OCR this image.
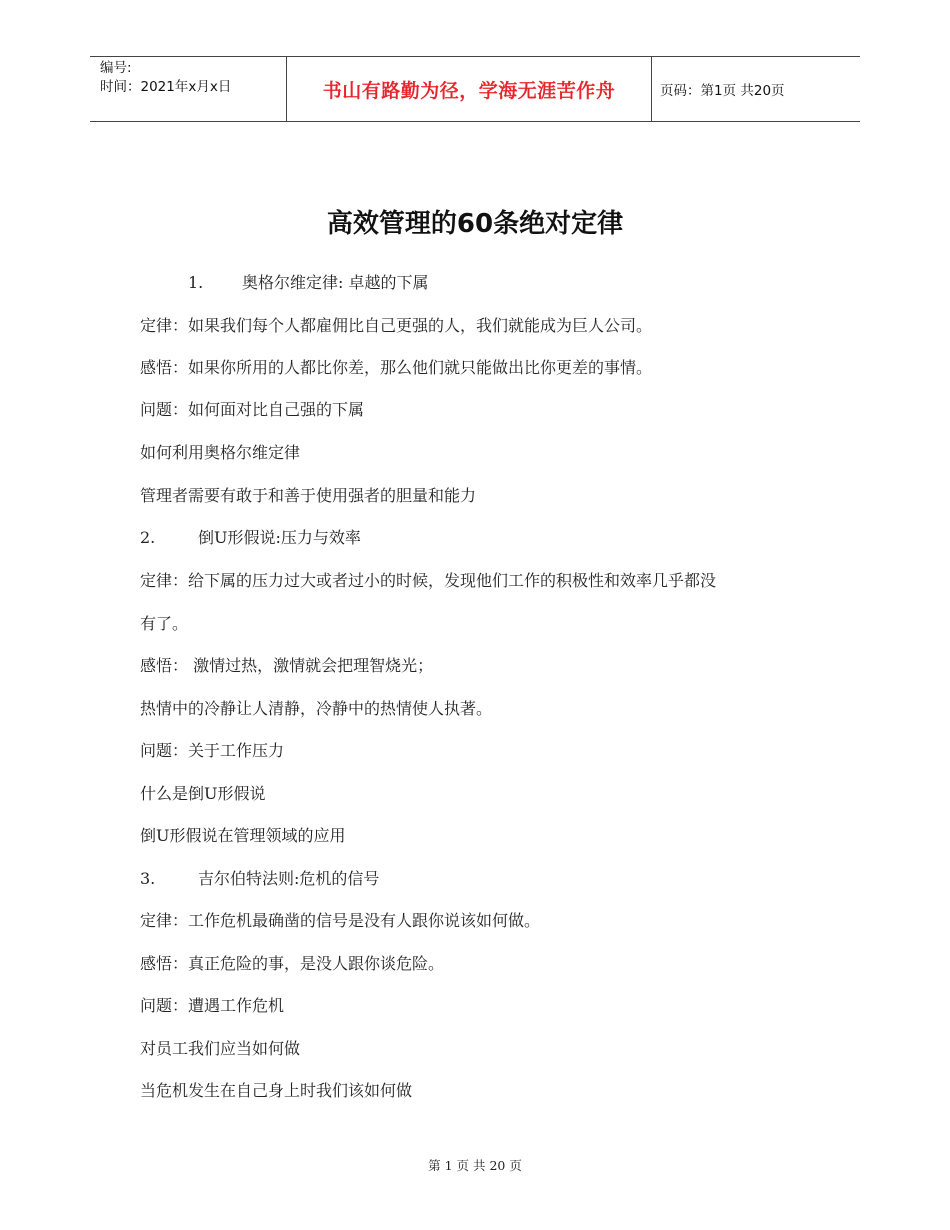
编号:
时间：2021年x月x日	书山有路勤为径，学海无涯苦作舟	页码：第1页 共20页
高效管理的60条绝对定律
1. 奥格尔维定律: 卓越的下属
定律：如果我们每个人都雇佣比自己更强的人，我们就能成为巨人公司。
感悟：如果你所用的人都比你差，那么他们就只能做出比你更差的事情。
问题：如何面对比自己强的下属
如何利用奥格尔维定律
管理者需要有敢于和善于使用强者的胆量和能力
2.	倒U形假说:压力与效率
定律：给下属的压力过大或者过小的时候，发现他们工作的积极性和效率几乎都没
有了。
感悟： 激情过热，激情就会把理智烧光；
热情中的冷静让人清静，冷静中的热情使人执著。
问题：关于工作压力
什么是倒U形假说
倒U形假说在管理领域的应用
3.	吉尔伯特法则:危机的信号
定律：工作危机最确凿的信号是没有人跟你说该如何做。
感悟：真正危险的事，是没人跟你谈危险。
问题：遭遇工作危机
对员工我们应当如何做
当危机发生在自己身上时我们该如何做
第 1 页 共 20 页
